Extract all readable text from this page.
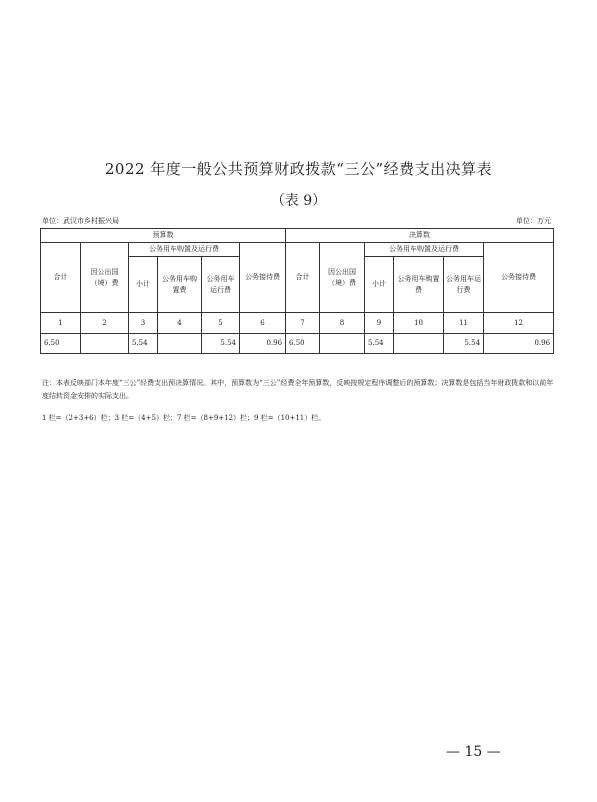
2022 年度一般公共预算财政拨款“三公”经费支出决算表
（表 9）
单位：武汉市乡村振兴局	单位：万元
预算数						决算数					
合计	因公出国（境）费	公务用车购置及运行费			公务接待费	合计	因公出国（境）费	公务用车购置及运行费			公务接待费
		小计	公务用车购置费	公务用车运行费				小计	公务用车购置费	公务用车运行费	
1	2	3	4	5	6	7	8	9	10	11	12
6.50		5.54		5.54	0.96	6.50		5.54		5.54	0.96
注：本表反映部门本年度“三公”经费支出预决算情况。其中，预算数为“三公”经费全年预算数，反映按规定程序调整后的预算数；决算数是包括当年财政拨款和以前年度结转资金安排的实际支出。
1 栏=（2+3+6）栏；3 栏=（4+5）栏；7 栏=（8+9+12）栏；9 栏=（10+11）栏。
— 15 —
